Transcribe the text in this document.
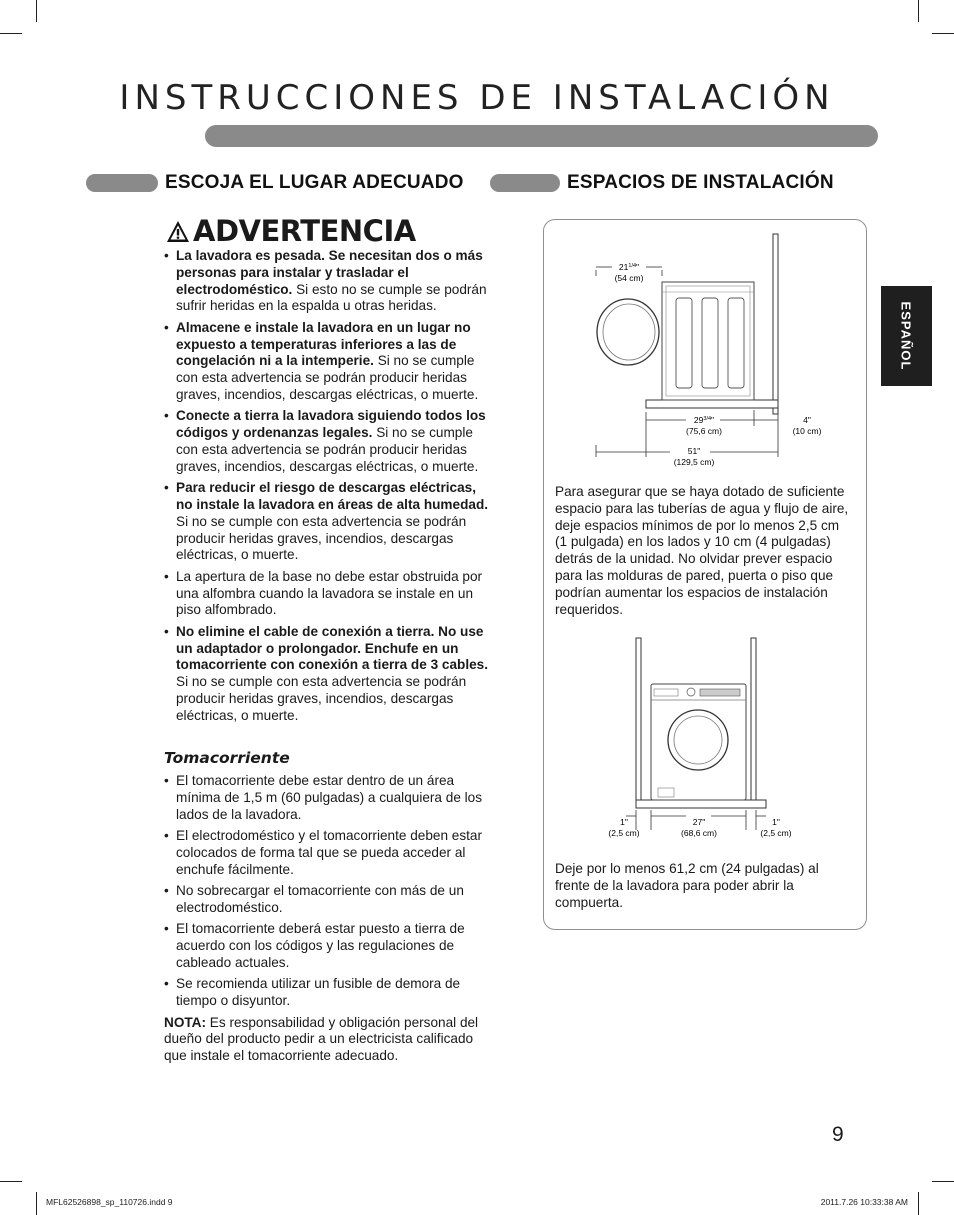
INSTRUCCIONES DE INSTALACIÓN
ESCOJA EL LUGAR ADECUADO	ESPACIOS DE INSTALACIÓN
ADVERTENCIA
• La lavadora es pesada. Se necesitan dos o más personas para instalar y trasladar el electrodoméstico. Si esto no se cumple se podrán sufrir heridas en la espalda u otras heridas.
• Almacene e instale la lavadora en un lugar no expuesto a temperaturas inferiores a las de congelación ni a la intemperie. Si no se cumple con esta advertencia se podrán producir heridas graves, incendios, descargas eléctricas, o muerte.
• Conecte a tierra la lavadora siguiendo todos los códigos y ordenanzas legales. Si no se cumple con esta advertencia se podrán producir heridas graves, incendios, descargas eléctricas, o muerte.
• Para reducir el riesgo de descargas eléctricas, no instale la lavadora en áreas de alta humedad. Si no se cumple con esta advertencia se podrán producir heridas graves, incendios, descargas eléctricas, o muerte.
• La apertura de la base no debe estar obstruida por una alfombra cuando la lavadora se instale en un piso alfombrado.
• No elimine el cable de conexión a tierra. No use un adaptador o prolongador. Enchufe en un tomacorriente con conexión a tierra de 3 cables. Si no se cumple con esta advertencia se podrán producir heridas graves, incendios, descargas eléctricas, o muerte.
Tomacorriente
• El tomacorriente debe estar dentro de un área mínima de 1,5 m (60 pulgadas) a cualquiera de los lados de la lavadora.
• El electrodoméstico y el tomacorriente deben estar colocados de forma tal que se pueda acceder al enchufe fácilmente.
• No sobrecargar el tomacorriente con más de un electrodoméstico.
• El tomacorriente deberá estar puesto a tierra de acuerdo con los códigos y las regulaciones de cableado actuales.
• Se recomienda utilizar un fusible de demora de tiempo o disyuntor.
NOTA: Es responsabilidad y obligación personal del dueño del producto pedir a un electricista calificado que instale el tomacorriente adecuado.
$21^{1/4}$"
(54 cm)
$29^{3/4}$"
(75,6 cm)
4"
(10 cm)
51"
(129,5 cm)
Para asegurar que se haya dotado de suficiente espacio para las tuberías de agua y flujo de aire, deje espacios mínimos de por lo menos 2,5 cm (1 pulgada) en los lados y 10 cm (4 pulgadas) detrás de la unidad. No olvidar prever espacio para las molduras de pared, puerta o piso que podrían aumentar los espacios de instalación requeridos.
1"
(2,5 cm)
27"
(68,6 cm)
1"
(2,5 cm)
Deje por lo menos 61,2 cm (24 pulgadas) al frente de la lavadora para poder abrir la compuerta.
ESPAÑOL
9
MFL62526898_sp_110726.indd 9	2011.7.26 10:33:38 AM
